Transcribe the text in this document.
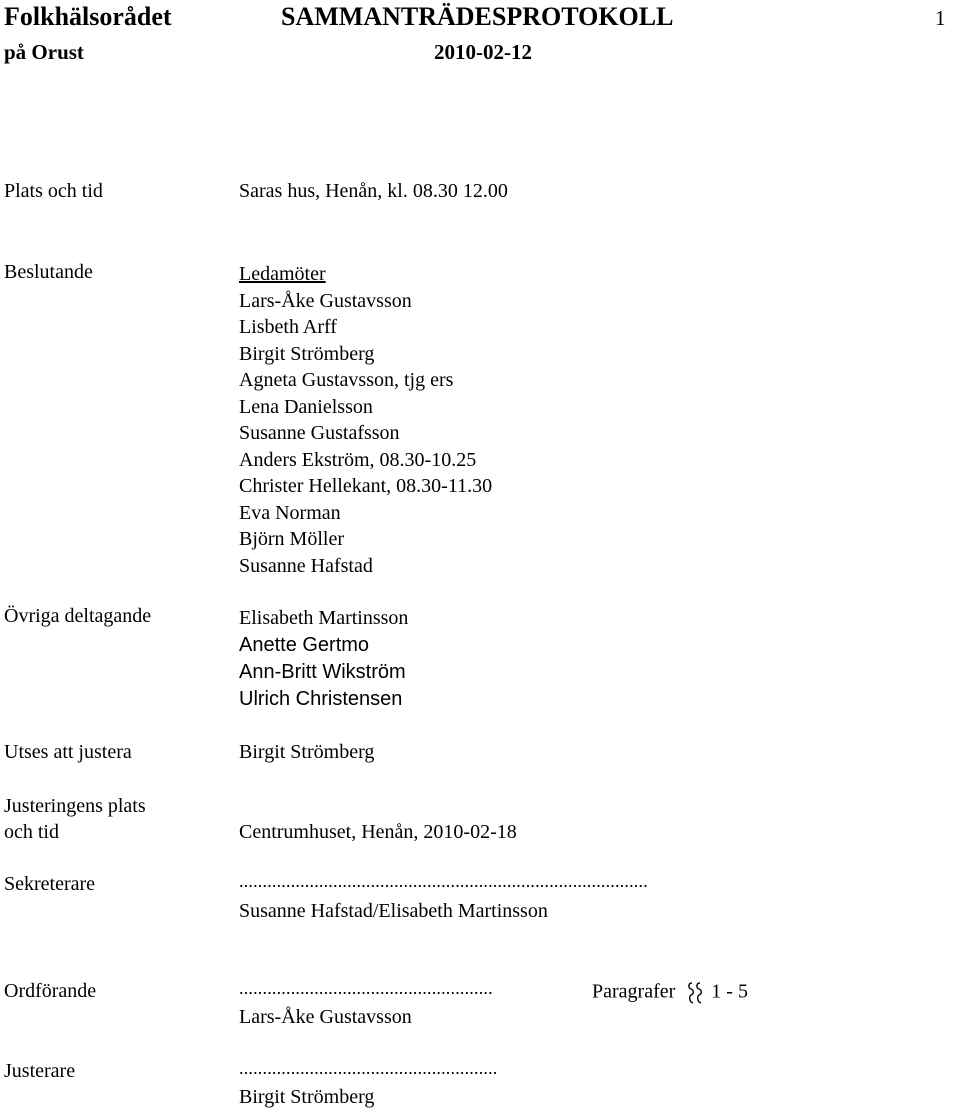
Folkhälsorådet	SAMMANTRÄDESPROTOKOLL	1
på Orust	2010-02-12
Plats och tid	Saras hus, Henån, kl. 08.30 12.00
Beslutande	Ledamöter
Lars-Åke Gustavsson
Lisbeth Arff
Birgit Strömberg
Agneta Gustavsson, tjg ers
Lena Danielsson
Susanne Gustafsson
Anders Ekström, 08.30-10.25
Christer Hellekant, 08.30-11.30
Eva Norman
Björn Möller
Susanne Hafstad
Övriga deltagande	Elisabeth Martinsson
Anette Gertmo
Ann-Britt Wikström
Ulrich Christensen
Utses att justera	Birgit Strömberg
Justeringens plats
och tid	Centrumhuset, Henån, 2010-02-18
Sekreterare	.......................................................................................
Susanne Hafstad/Elisabeth Martinsson
Ordförande	......................................................	Paragrafer 1 - 5
Lars-Åke Gustavsson
Justerare	.......................................................
Birgit Strömberg
